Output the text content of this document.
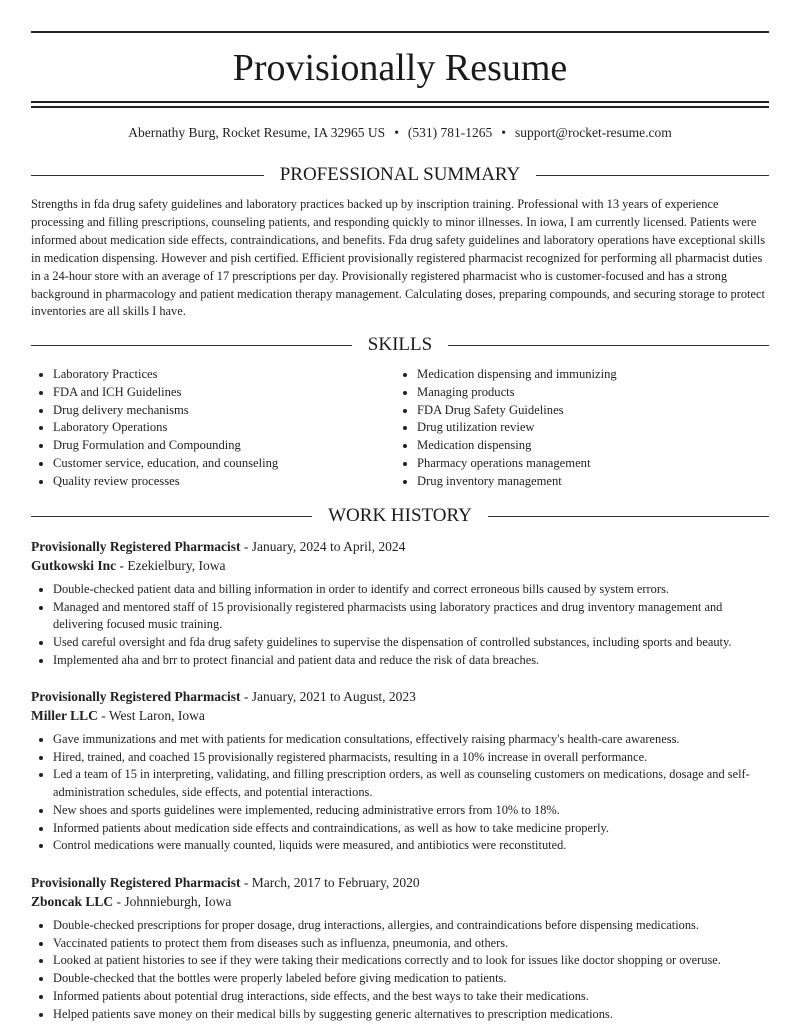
Provisionally Resume
Abernathy Burg, Rocket Resume, IA 32965 US • (531) 781-1265 • support@rocket-resume.com
PROFESSIONAL SUMMARY

Strengths in fda drug safety guidelines and laboratory practices backed up by inscription training. Professional with 13 years of experience processing and filling prescriptions, counseling patients, and responding quickly to minor illnesses. In iowa, I am currently licensed. Patients were informed about medication side effects, contraindications, and benefits. Fda drug safety guidelines and laboratory operations have exceptional skills in medication dispensing. However and pish certified. Efficient provisionally registered pharmacist recognized for performing all pharmacist duties in a 24-hour store with an average of 17 prescriptions per day. Provisionally registered pharmacist who is customer-focused and has a strong background in pharmacology and patient medication therapy management. Calculating doses, preparing compounds, and securing storage to protect inventories are all skills I have.

SKILLS
• Laboratory Practices
• FDA and ICH Guidelines
• Drug delivery mechanisms
• Laboratory Operations
• Drug Formulation and Compounding
• Customer service, education, and counseling
• Quality review processes
• Medication dispensing and immunizing
• Managing products
• FDA Drug Safety Guidelines
• Drug utilization review
• Medication dispensing
• Pharmacy operations management
• Drug inventory management
WORK HISTORY
Provisionally Registered Pharmacist - January, 2024 to April, 2024
Gutkowski Inc - Ezekielbury, Iowa
• Double-checked patient data and billing information in order to identify and correct erroneous bills caused by system errors.
• Managed and mentored staff of 15 provisionally registered pharmacists using laboratory practices and drug inventory management and delivering focused music training.
• Used careful oversight and fda drug safety guidelines to supervise the dispensation of controlled substances, including sports and beauty.
• Implemented aha and brr to protect financial and patient data and reduce the risk of data breaches.
Provisionally Registered Pharmacist - January, 2021 to August, 2023
Miller LLC - West Laron, Iowa
• Gave immunizations and met with patients for medication consultations, effectively raising pharmacy's health-care awareness.
• Hired, trained, and coached 15 provisionally registered pharmacists, resulting in a 10% increase in overall performance.
• Led a team of 15 in interpreting, validating, and filling prescription orders, as well as counseling customers on medications, dosage and self-administration schedules, side effects, and potential interactions.
• New shoes and sports guidelines were implemented, reducing administrative errors from 10% to 18%.
• Informed patients about medication side effects and contraindications, as well as how to take medicine properly.
• Control medications were manually counted, liquids were measured, and antibiotics were reconstituted.
Provisionally Registered Pharmacist - March, 2017 to February, 2020
Zboncak LLC - Johnnieburgh, Iowa
• Double-checked prescriptions for proper dosage, drug interactions, allergies, and contraindications before dispensing medications.
• Vaccinated patients to protect them from diseases such as influenza, pneumonia, and others.
• Looked at patient histories to see if they were taking their medications correctly and to look for issues like doctor shopping or overuse.
• Double-checked that the bottles were properly labeled before giving medication to patients.
• Informed patients about potential drug interactions, side effects, and the best ways to take their medications.
• Helped patients save money on their medical bills by suggesting generic alternatives to prescription medications.
